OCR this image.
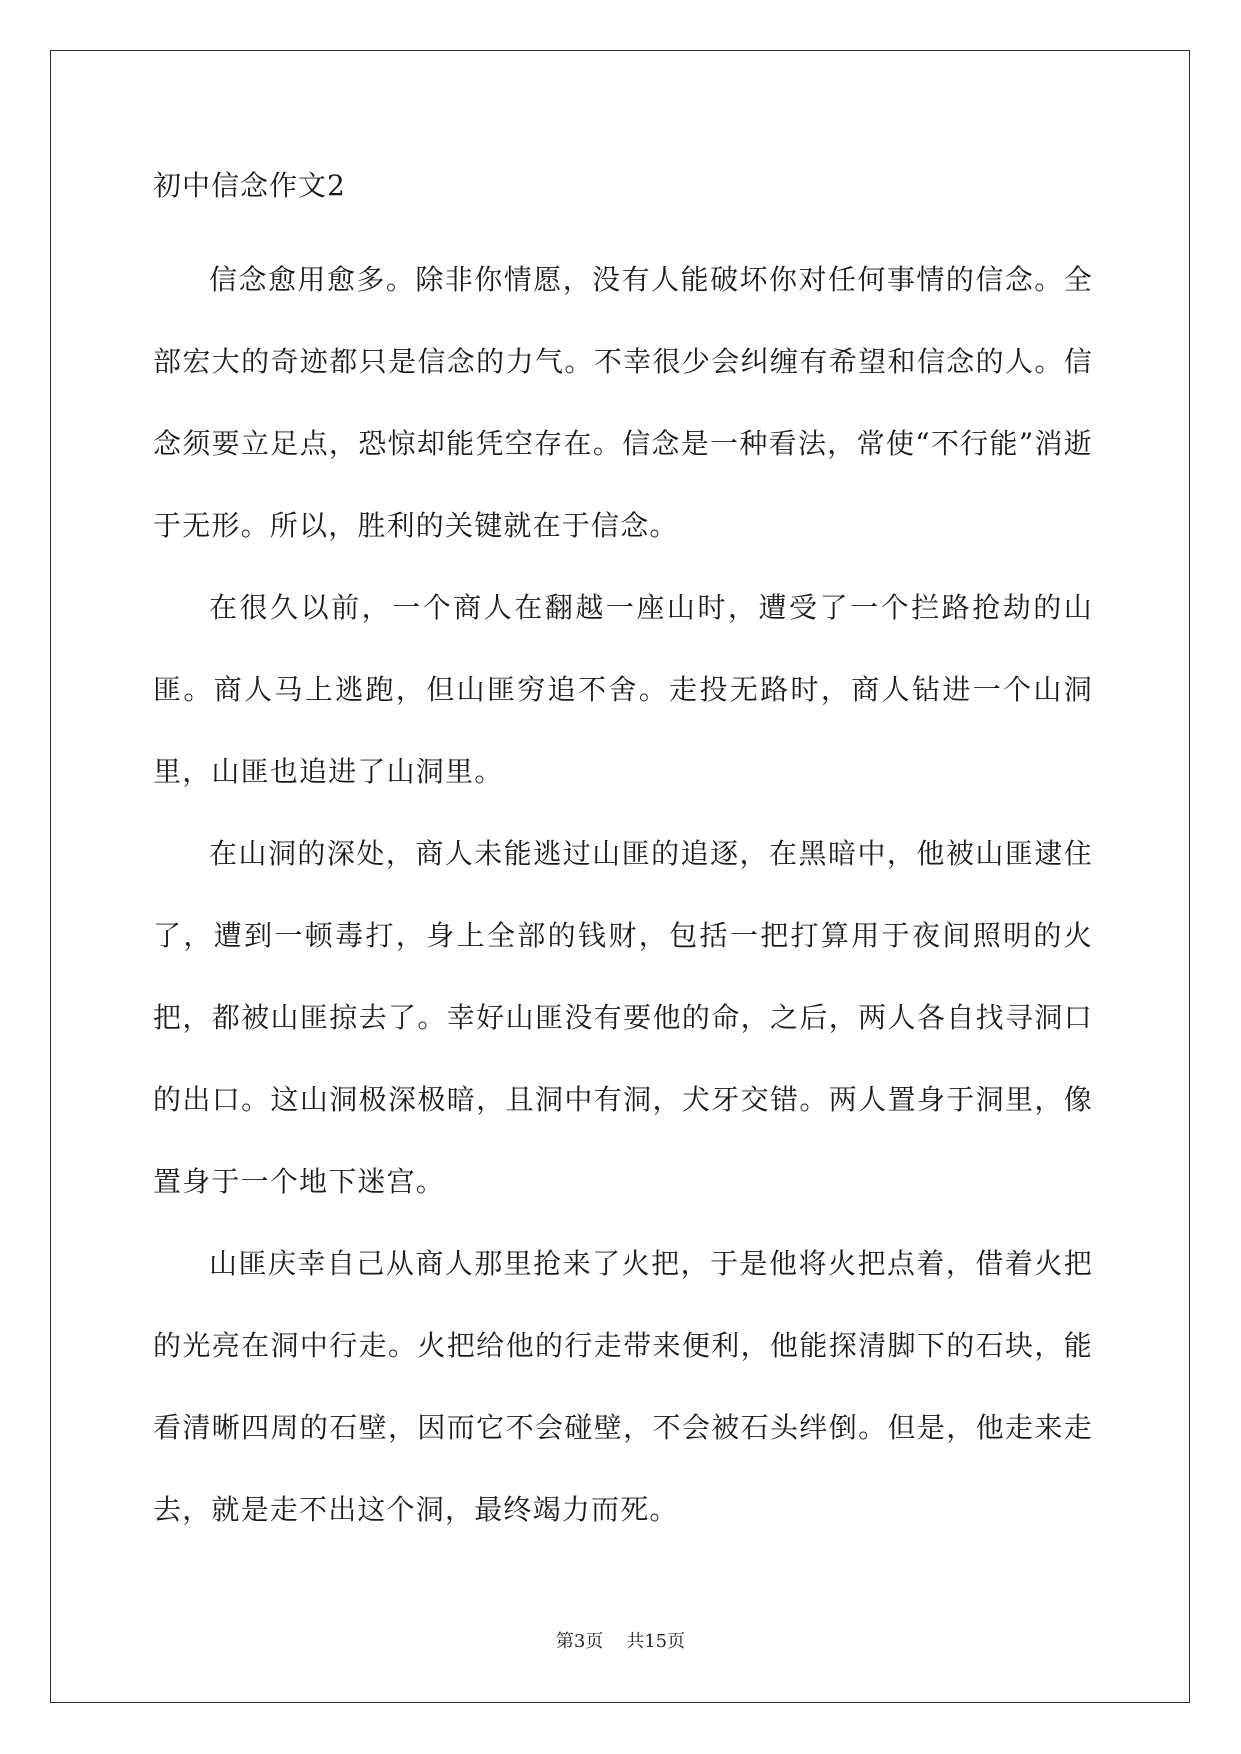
初中信念作文2

信念愈用愈多。除非你情愿，没有人能破坏你对任何事情的信念。全部宏大的奇迹都只是信念的力气。不幸很少会纠缠有希望和信念的人。信念须要立足点，恐惊却能凭空存在。信念是一种看法，常使“不行能”消逝于无形。所以，胜利的关键就在于信念。

在很久以前，一个商人在翻越一座山时，遭受了一个拦路抢劫的山匪。商人马上逃跑，但山匪穷追不舍。走投无路时，商人钻进一个山洞里，山匪也追进了山洞里。

在山洞的深处，商人未能逃过山匪的追逐，在黑暗中，他被山匪逮住了，遭到一顿毒打，身上全部的钱财，包括一把打算用于夜间照明的火把，都被山匪掠去了。幸好山匪没有要他的命，之后，两人各自找寻洞口的出口。这山洞极深极暗，且洞中有洞，犬牙交错。两人置身于洞里，像置身于一个地下迷宫。

山匪庆幸自己从商人那里抢来了火把，于是他将火把点着，借着火把的光亮在洞中行走。火把给他的行走带来便利，他能探清脚下的石块，能看清晰四周的石壁，因而它不会碰壁，不会被石头绊倒。但是，他走来走去，就是走不出这个洞，最终竭力而死。

第3页 共15页
